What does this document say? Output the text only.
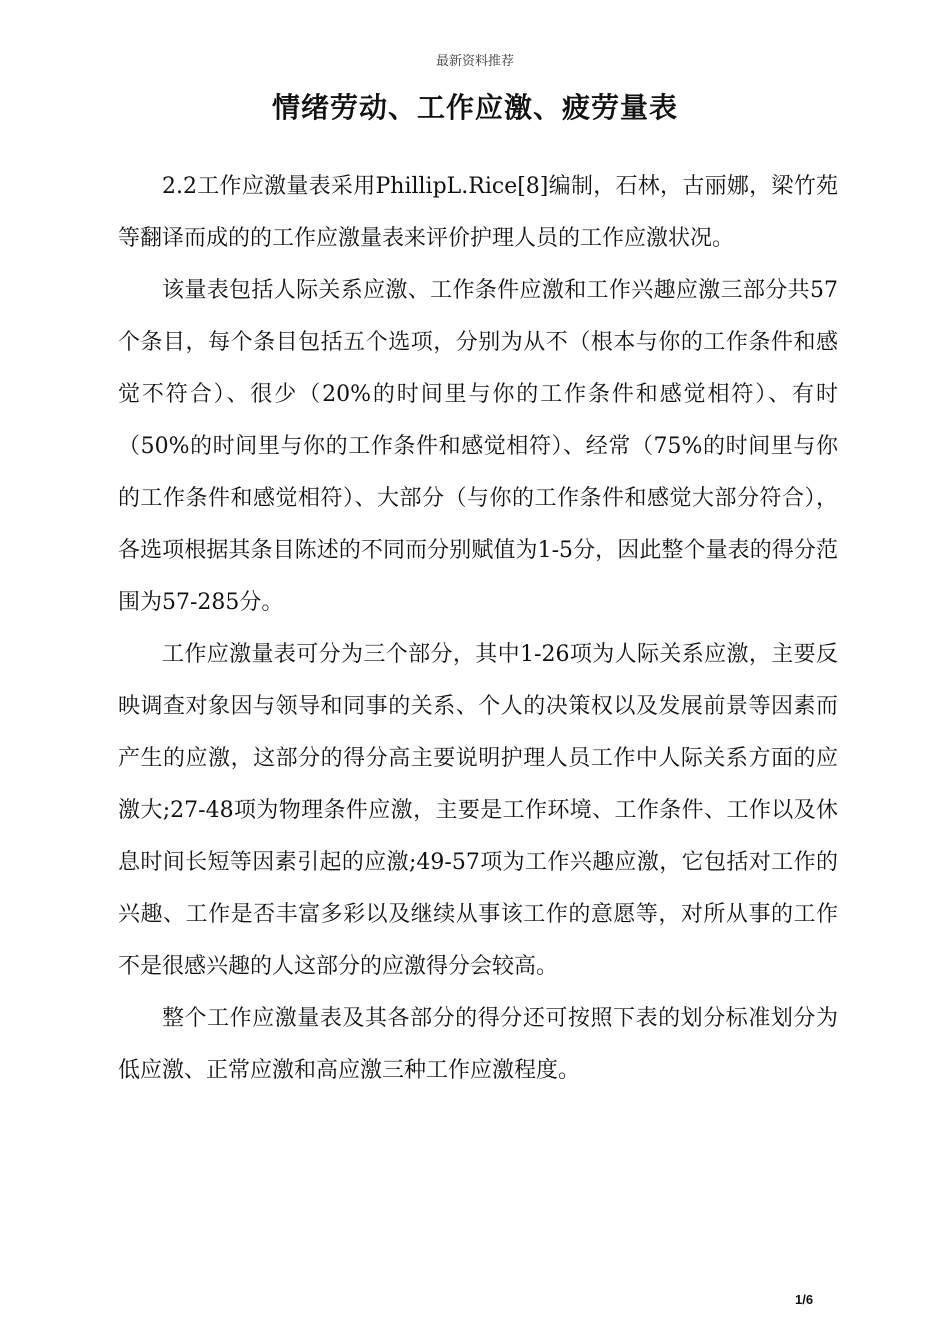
最新资料推荐
情绪劳动、工作应激、疲劳量表

2.2工作应激量表采用PhillipL.Rice[8]编制，石林，古丽娜，梁竹苑等翻译而成的的工作应激量表来评价护理人员的工作应激状况。

该量表包括人际关系应激、工作条件应激和工作兴趣应激三部分共57个条目，每个条目包括五个选项，分别为从不（根本与你的工作条件和感觉不符合）、很少（20%的时间里与你的工作条件和感觉相符）、有时（50%的时间里与你的工作条件和感觉相符）、经常（75%的时间里与你的工作条件和感觉相符）、大部分（与你的工作条件和感觉大部分符合），各选项根据其条目陈述的不同而分别赋值为1-5分，因此整个量表的得分范围为57-285分。

工作应激量表可分为三个部分，其中1-26项为人际关系应激，主要反映调查对象因与领导和同事的关系、个人的决策权以及发展前景等因素而产生的应激，这部分的得分高主要说明护理人员工作中人际关系方面的应激大;27-48项为物理条件应激，主要是工作环境、工作条件、工作以及休息时间长短等因素引起的应激;49-57项为工作兴趣应激，它包括对工作的兴趣、工作是否丰富多彩以及继续从事该工作的意愿等，对所从事的工作不是很感兴趣的人这部分的应激得分会较高。

整个工作应激量表及其各部分的得分还可按照下表的划分标准划分为低应激、正常应激和高应激三种工作应激程度。

1/6
